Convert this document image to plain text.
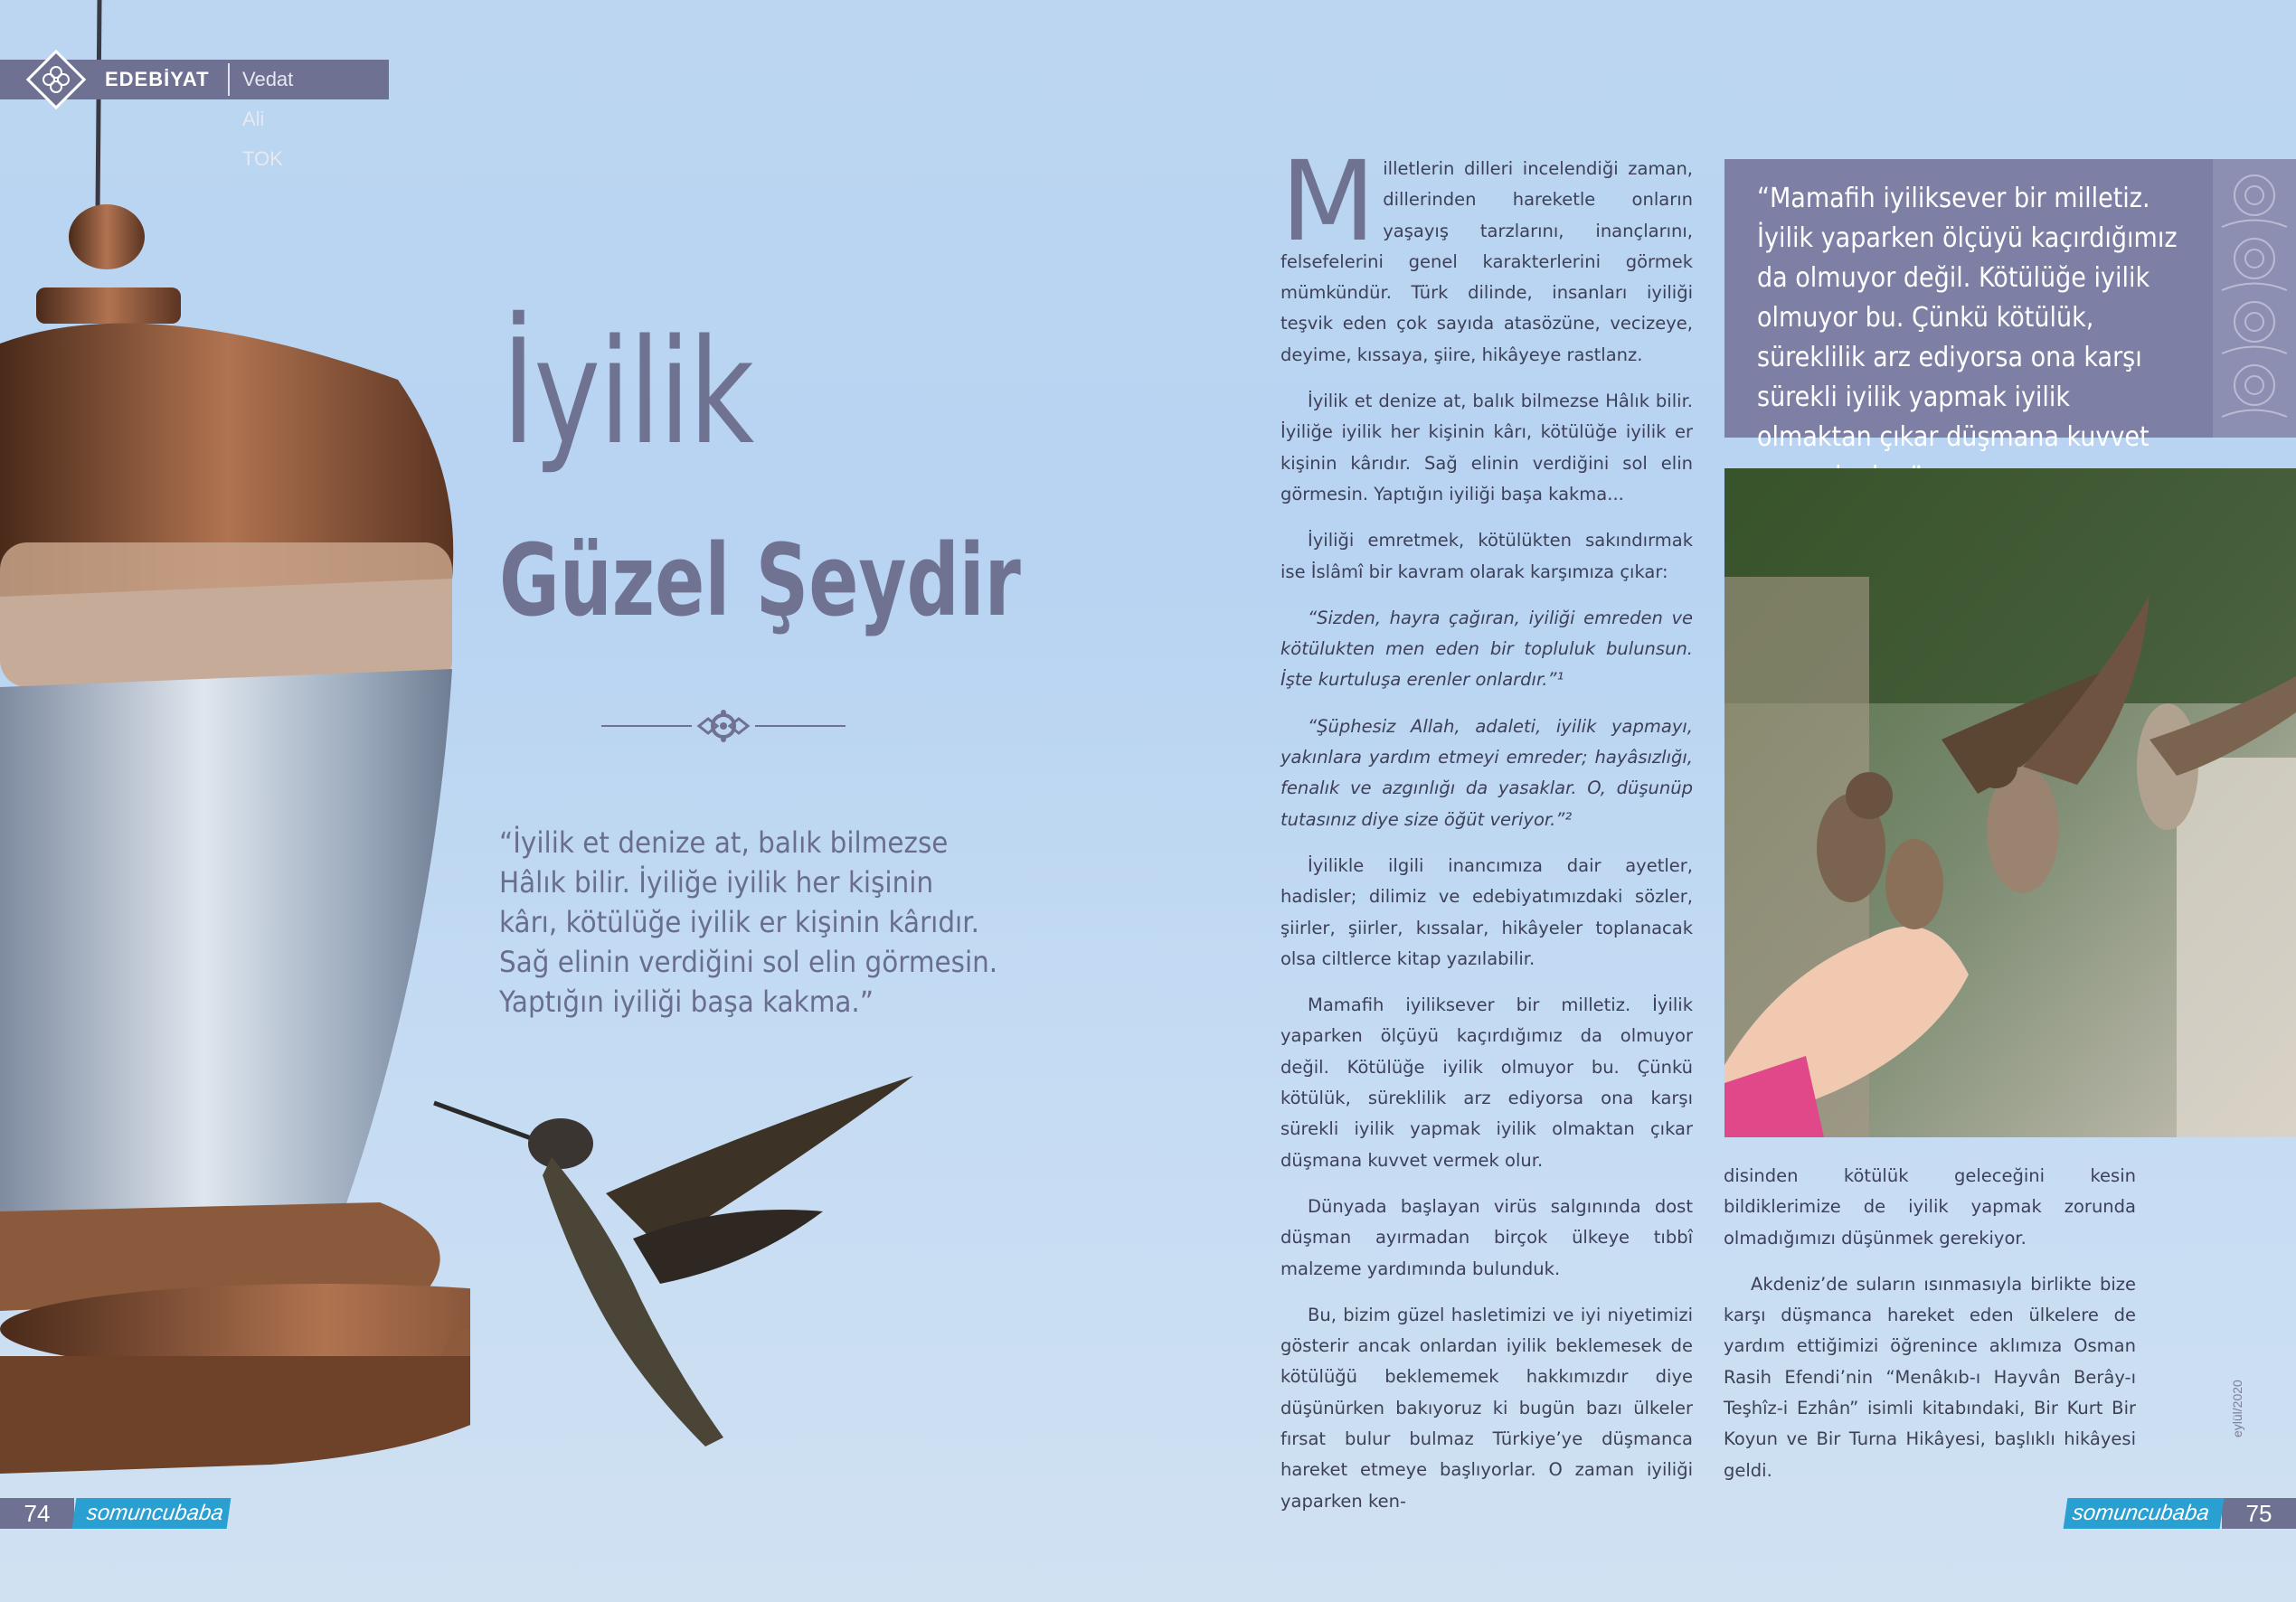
EDEBİYAT Vedat Ali TOK
İyilik
Güzel Şeydir
“İyilik et denize at, balık bilmezse Hâlık bilir. İyiliğe iyilik her kişinin kârı, kötülüğe iyilik er kişinin kârıdır. Sağ elinin verdiğini sol elin görmesin. Yaptığın iyiliği başa kakma.”
74	somuncubaba

Milletlerin dilleri incelendiği zaman, dillerinden hareketle onların yaşayış tarzlarını, inançlarını, felsefelerini genel karakterlerini görmek mümkündür. Türk dilinde, insanları iyiliği teşvik eden çok sayıda atasözüne, vecizeye, deyime, kıssaya, şiire, hikâyeye rastlanz.

İyilik et denize at, balık bilmezse Hâlık bilir. İyiliğe iyilik her kişinin kârı, kötülüğe iyilik er kişinin kârıdır. Sağ elinin verdiğini sol elin görmesin. Yaptığın iyiliği başa kakma...

İyiliği emretmek, kötülükten sakındırmak ise İslâmî bir kavram olarak karşımıza çıkar:

“Sizden, hayra çağıran, iyiliği emreden ve kötülukten men eden bir topluluk bulunsun. İşte kurtuluşa erenler onlardır.”¹

“Şüphesiz Allah, adaleti, iyilik yapmayı, yakınlara yardım etmeyi emreder; hayâsızlığı, fenalık ve azgınlığı da yasaklar. O, düşunüp tutasınız diye size öğüt veriyor.”²

İyilikle ilgili inancımıza dair ayetler, hadisler; dilimiz ve edebiyatımızdaki sözler, şiirler, şiirler, kıssalar, hikâyeler toplanacak olsa ciltlerce kitap yazılabilir.

Mamafih iyiliksever bir milletiz. İyilik yaparken ölçüyü kaçırdığımız da olmuyor değil. Kötülüğe iyilik olmuyor bu. Çünkü kötülük, süreklilik arz ediyorsa ona karşı sürekli iyilik yapmak iyilik olmaktan çıkar düşmana kuvvet vermek olur.

Dünyada başlayan virüs salgınında dost düşman ayırmadan birçok ülkeye tıbbî malzeme yardımında bulunduk.

Bu, bizim güzel hasletimizi ve iyi niyetimizi gösterir ancak onlardan iyilik beklemesek de kötülüğü beklememek hakkımızdır diye düşünürken bakıyoruz ki bugün bazı ülkeler fırsat bulur bulmaz Türkiye’ye düşmanca hareket etmeye başlıyorlar. O zaman iyiliği yaparken ken-

“Mamafih iyiliksever bir milletiz. İyilik yaparken ölçüyü kaçırdığımız da olmuyor değil. Kötülüğe iyilik olmuyor bu. Çünkü kötülük, süreklilik arz ediyorsa ona karşı sürekli iyilik yapmak iyilik olmaktan çıkar düşmana kuvvet

disinden kötülük geleceğini kesin bildiklerimize de iyilik yapmak zorunda olmadığımızı düşünmek gerekiyor.

Akdeniz’de suların ısınmasıyla birlikte bize karşı düşmanca hareket eden ülkelere de yardım ettiğimizi öğrenince aklımıza Osman Rasih Efendi’nin “Menâkıb-ı Hayvân Berây-ı Teşhîz-i Ezhân” isimli kitabındaki, Bir Kurt Bir Koyun ve Bir Turna Hikâyesi, başlıklı hikâyesi geldi.

eylül/2020
somuncubaba	75
